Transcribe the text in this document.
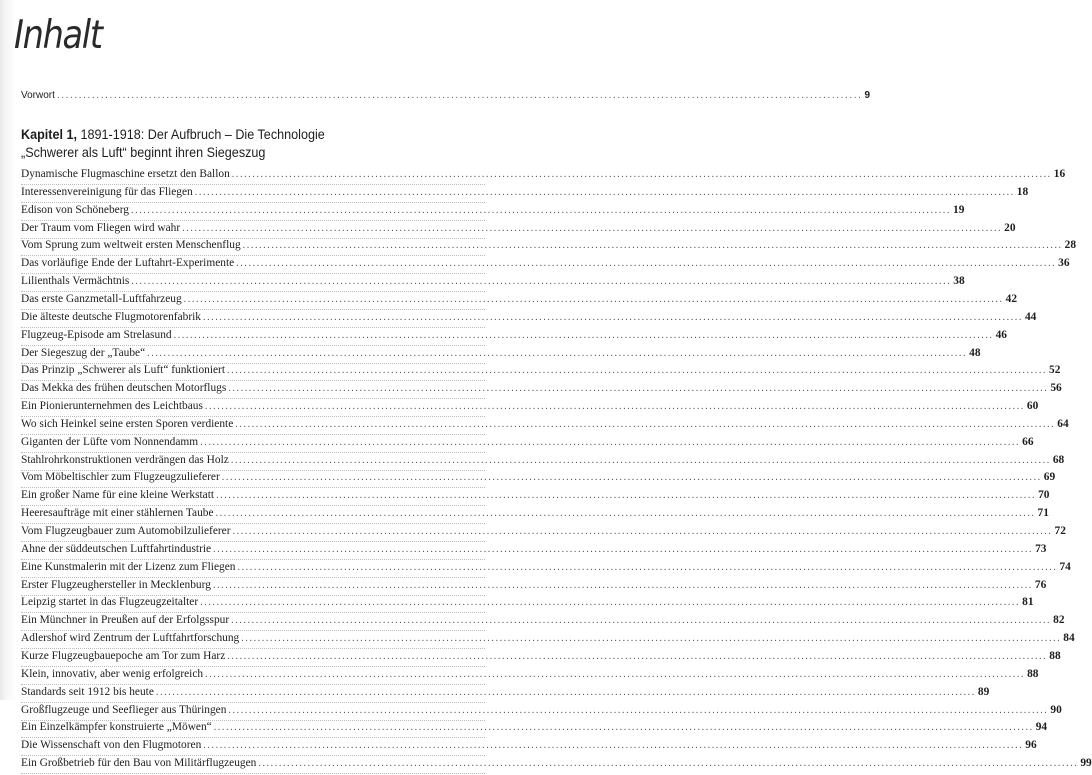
Inhalt
Vorwort ........................................................................................................................................................................................ 9
Kapitel 1, 1891-1918: Der Aufbruch – Die Technologie
„Schwerer als Luft“ beginnt ihren Siegeszug
Dynamische Flugmaschine ersetzt den Ballon ........................................................................................................................................................................................................ 16
Interessenvereinigung für das Fliegen ........................................................................................................................................................................................................ 18
Edison von Schöneberg ........................................................................................................................................................................................................ 19
Der Traum vom Fliegen wird wahr ........................................................................................................................................................................................................ 20
Vom Sprung zum weltweit ersten Menschenflug ........................................................................................................................................................................................................ 28
Das vorläufige Ende der Luftahrt-Experimente ........................................................................................................................................................................................................ 36
Lilienthals Vermächtnis ........................................................................................................................................................................................................ 38
Das erste Ganzmetall-Luftfahrzeug ........................................................................................................................................................................................................ 42
Die älteste deutsche Flugmotorenfabrik ........................................................................................................................................................................................................ 44
Flugzeug-Episode am Strelasund ........................................................................................................................................................................................................ 46
Der Siegeszug der „Taube“ ........................................................................................................................................................................................................ 48
Das Prinzip „Schwerer als Luft“ funktioniert ........................................................................................................................................................................................................ 52
Das Mekka des frühen deutschen Motorflugs ........................................................................................................................................................................................................ 56
Ein Pionierunternehmen des Leichtbaus ........................................................................................................................................................................................................ 60
Wo sich Heinkel seine ersten Sporen verdiente ........................................................................................................................................................................................................ 64
Giganten der Lüfte vom Nonnendamm ........................................................................................................................................................................................................ 66
Stahlrohrkonstruktionen verdrängen das Holz ........................................................................................................................................................................................................ 68
Vom Möbeltischler zum Flugzeugzulieferer ........................................................................................................................................................................................................ 69
Ein großer Name für eine kleine Werkstatt ........................................................................................................................................................................................................ 70
Heeresaufträge mit einer stählernen Taube ........................................................................................................................................................................................................ 71
Vom Flugzeugbauer zum Automobilzulieferer ........................................................................................................................................................................................................ 72
Ahne der süddeutschen Luftfahrtindustrie ........................................................................................................................................................................................................ 73
Eine Kunstmalerin mit der Lizenz zum Fliegen ........................................................................................................................................................................................................ 74
Erster Flugzeughersteller in Mecklenburg ........................................................................................................................................................................................................ 76
Leipzig startet in das Flugzeugzeitalter ........................................................................................................................................................................................................ 81
Ein Münchner in Preußen auf der Erfolgsspur ........................................................................................................................................................................................................ 82
Adlershof wird Zentrum der Luftfahrtforschung ........................................................................................................................................................................................................ 84
Kurze Flugzeugbauepoche am Tor zum Harz ........................................................................................................................................................................................................ 88
Klein, innovativ, aber wenig erfolgreich ........................................................................................................................................................................................................ 88
Standards seit 1912 bis heute ........................................................................................................................................................................................................ 89
Großflugzeuge und Seeflieger aus Thüringen ........................................................................................................................................................................................................ 90
Ein Einzelkämpfer konstruierte „Möwen“ ........................................................................................................................................................................................................ 94
Die Wissenschaft von den Flugmotoren ........................................................................................................................................................................................................ 96
Ein Großbetrieb für den Bau von Militärflugzeugen ........................................................................................................................................................................................................ 99
